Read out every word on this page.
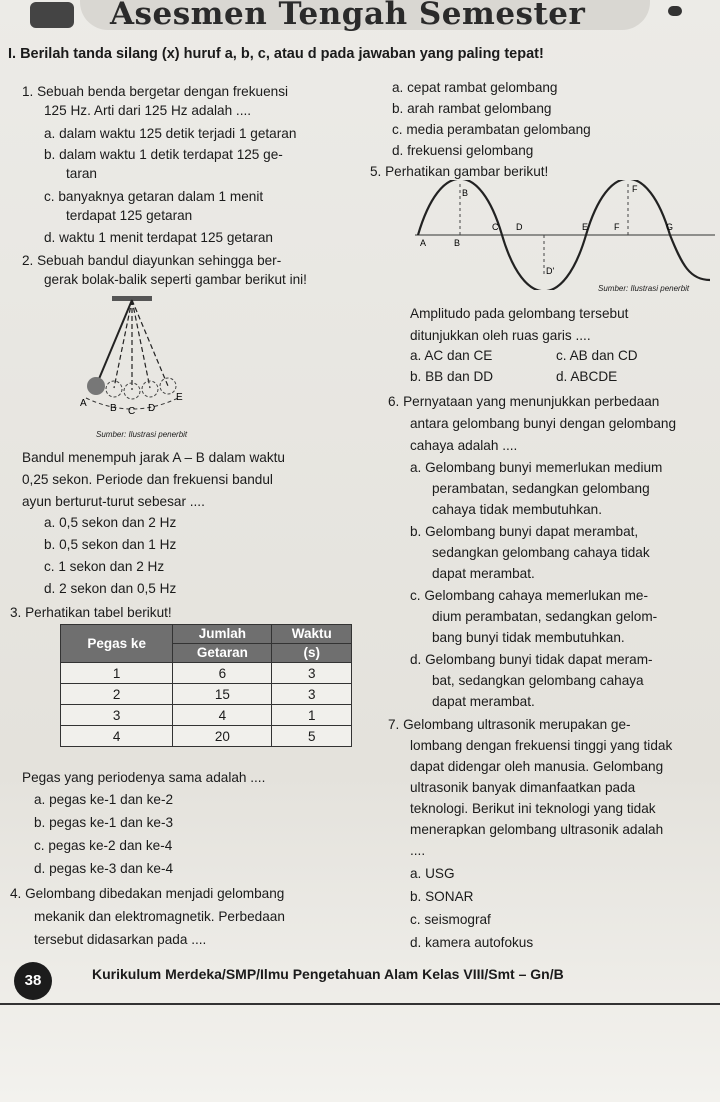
Asesmen Tengah Semester
I. Berilah tanda silang (x) huruf a, b, c, atau d pada jawaban yang paling tepat!
1. Sebuah benda bergetar dengan frekuensi
125 Hz. Arti dari 125 Hz adalah ....
a. dalam waktu 125 detik terjadi 1 getaran
b. dalam waktu 1 detik terdapat 125 ge-
taran
c. banyaknya getaran dalam 1 menit
terdapat 125 getaran
d. waktu 1 menit terdapat 125 getaran
2. Sebuah bandul diayunkan sehingga ber-
gerak bolak-balik seperti gambar berikut ini!
A B C D
E
Sumber: Ilustrasi penerbit
Bandul menempuh jarak A – B dalam waktu
0,25 sekon. Periode dan frekuensi bandul
ayun berturut-turut sebesar ....
a. 0,5 sekon dan 2 Hz
b. 0,5 sekon dan 1 Hz
c. 1 sekon dan 2 Hz
d. 2 sekon dan 0,5 Hz
3. Perhatikan tabel berikut!
Pegas ke	Jumlah	Waktu
	Getaran	(s)
1	6	3
2	15	3
3	4	1
4	20	5
Pegas yang periodenya sama adalah ....
a. pegas ke-1 dan ke-2
b. pegas ke-1 dan ke-3
c. pegas ke-2 dan ke-4
d. pegas ke-3 dan ke-4
4. Gelombang dibedakan menjadi gelombang
mekanik dan elektromagnetik. Perbedaan
tersebut didasarkan pada ....
a. cepat rambat gelombang
b. arah rambat gelombang
c. media perambatan gelombang
d. frekuensi gelombang
5. Perhatikan gambar berikut!
B	F
C D	E	F	G
A	B
D'
Sumber: Ilustrasi penerbit
Amplitudo pada gelombang tersebut
ditunjukkan oleh ruas garis ....
a. AC dan CE	c. AB dan CD
b. BB dan DD	d. ABCDE
6. Pernyataan yang menunjukkan perbedaan
antara gelombang bunyi dengan gelombang
cahaya adalah ....
a. Gelombang bunyi memerlukan medium
perambatan, sedangkan gelombang
cahaya tidak membutuhkan.
b. Gelombang bunyi dapat merambat,
sedangkan gelombang cahaya tidak
dapat merambat.
c. Gelombang cahaya memerlukan me-
dium perambatan, sedangkan gelom-
bang bunyi tidak membutuhkan.
d. Gelombang bunyi tidak dapat meram-
bat, sedangkan gelombang cahaya
dapat merambat.
7. Gelombang ultrasonik merupakan ge-
lombang dengan frekuensi tinggi yang tidak
dapat didengar oleh manusia. Gelombang
ultrasonik banyak dimanfaatkan pada
teknologi. Berikut ini teknologi yang tidak
menerapkan gelombang ultrasonik adalah
....
a. USG
b. SONAR
c. seismograf
d. kamera autofokus
38	Kurikulum Merdeka/SMP/Ilmu Pengetahuan Alam Kelas VIII/Smt – Gn/B
